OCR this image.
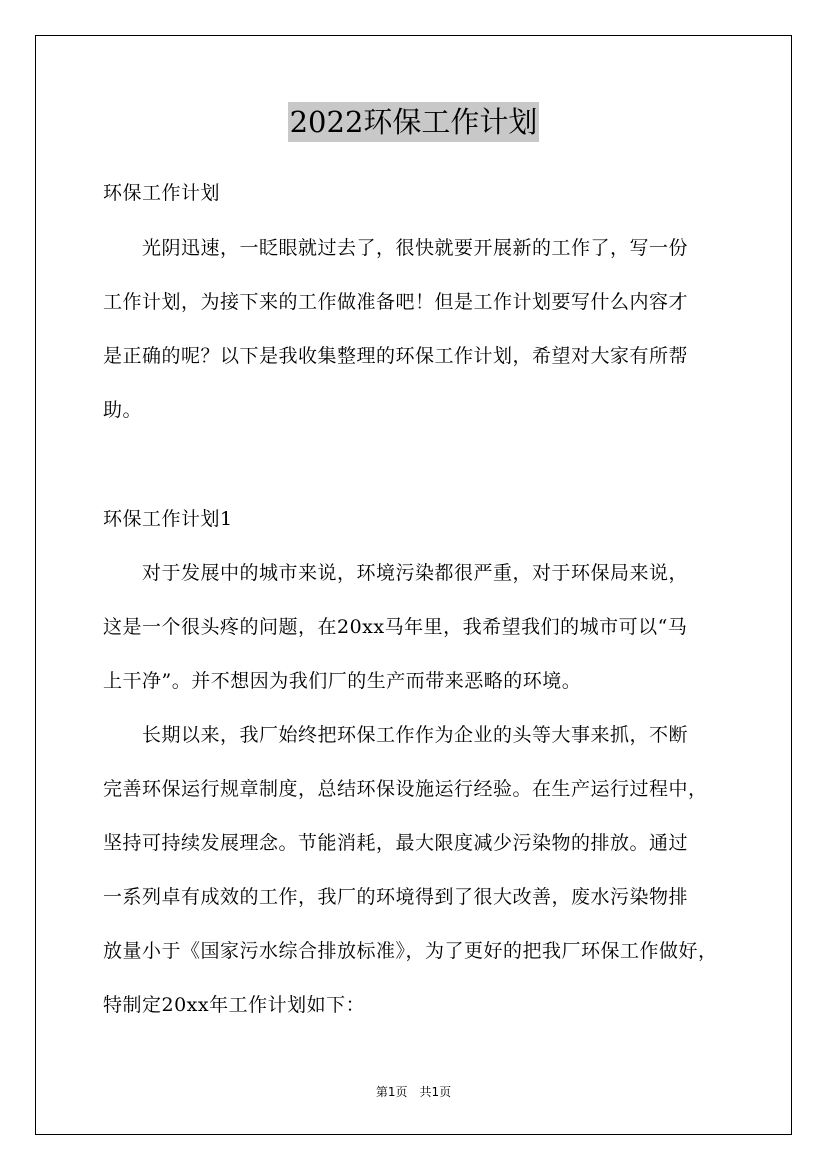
2022环保工作计划
环保工作计划
　　光阴迅速，一眨眼就过去了，很快就要开展新的工作了，写一份
工作计划，为接下来的工作做准备吧！但是工作计划要写什么内容才
是正确的呢？以下是我收集整理的环保工作计划，希望对大家有所帮
助。
环保工作计划1
　　对于发展中的城市来说，环境污染都很严重，对于环保局来说，
这是一个很头疼的问题，在20xx马年里，我希望我们的城市可以“马
上干净”。并不想因为我们厂的生产而带来恶略的环境。
　　长期以来，我厂始终把环保工作作为企业的头等大事来抓，不断
完善环保运行规章制度，总结环保设施运行经验。在生产运行过程中，
坚持可持续发展理念。节能消耗，最大限度减少污染物的排放。通过
一系列卓有成效的工作，我厂的环境得到了很大改善，废水污染物排
放量小于《国家污水综合排放标准》，为了更好的把我厂环保工作做好，
特制定20xx年工作计划如下：
第1页　共1页
